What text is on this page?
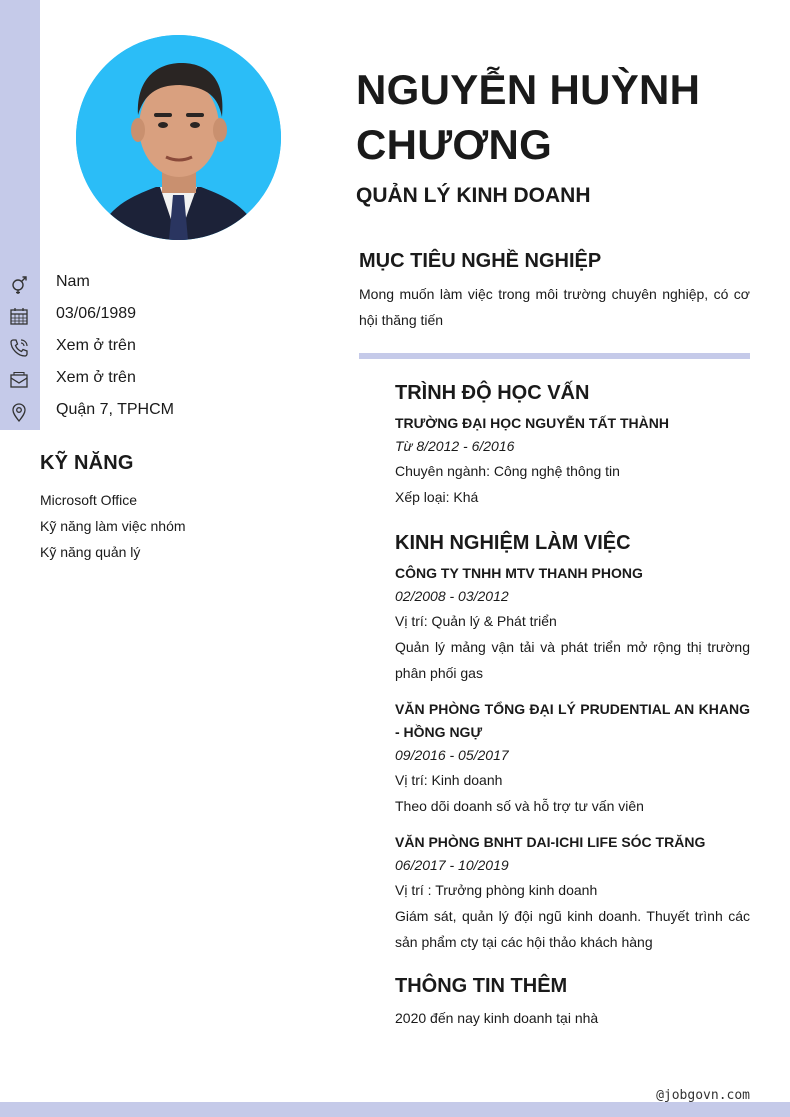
Nam
03/06/1989
Xem ở trên
Xem ở trên
Quận 7, TPHCM
KỸ NĂNG
Microsoft Office
Kỹ năng làm việc nhóm
Kỹ năng quản lý
NGUYỄN HUỲNH CHƯƠNG
QUẢN LÝ KINH DOANH
MỤC TIÊU NGHỀ NGHIỆP

Mong muốn làm việc trong môi trường chuyên nghiệp, có cơ hội thăng tiến

TRÌNH ĐỘ HỌC VẤN
TRƯỜNG ĐẠI HỌC NGUYỄN TẤT THÀNH
Từ 8/2012 - 6/2016
Chuyên ngành: Công nghệ thông tin
Xếp loại: Khá
KINH NGHIỆM LÀM VIỆC
CÔNG TY TNHH MTV THANH PHONG
02/2008 - 03/2012
Vị trí: Quản lý & Phát triển
Quản lý mảng vận tải và phát triển mở rộng thị trường phân phối gas
VĂN PHÒNG TỔNG ĐẠI LÝ PRUDENTIAL AN KHANG - HỒNG NGỰ
09/2016 - 05/2017
Vị trí: Kinh doanh
Theo dõi doanh số và hỗ trợ tư vấn viên
VĂN PHÒNG BNHT DAI-ICHI LIFE SÓC TRĂNG
06/2017 - 10/2019
Vị trí : Trưởng phòng kinh doanh
Giám sát, quản lý đội ngũ kinh doanh. Thuyết trình các sản phẩm cty tại các hội thảo khách hàng
THÔNG TIN THÊM
2020 đến nay kinh doanh tại nhà
@jobgovn.com
